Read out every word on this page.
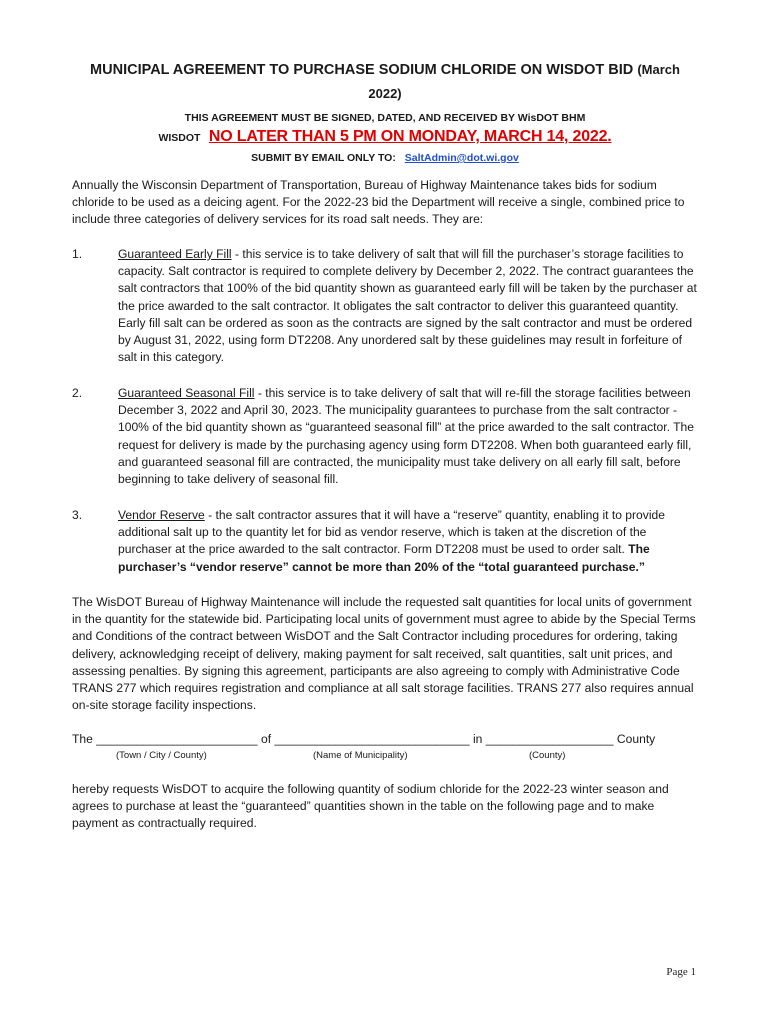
MUNICIPAL AGREEMENT TO PURCHASE SODIUM CHLORIDE ON WISDOT BID (March
2022)
THIS AGREEMENT MUST BE SIGNED, DATED, AND RECEIVED BY WisDOT BHM
WISDOT NO LATER THAN 5 PM ON MONDAY, MARCH 14, 2022.
SUBMIT BY EMAIL ONLY TO: SaltAdmin@dot.wi.gov
Annually the Wisconsin Department of Transportation, Bureau of Highway Maintenance takes bids for sodium chloride to be used as a deicing agent. For the 2022-23 bid the Department will receive a single, combined price to include three categories of delivery services for its road salt needs. They are:
1.	Guaranteed Early Fill - this service is to take delivery of salt that will fill the purchaser’s storage facilities to capacity. Salt contractor is required to complete delivery by December 2, 2022. The contract guarantees the salt contractors that 100% of the bid quantity shown as guaranteed early fill will be taken by the purchaser at the price awarded to the salt contractor. It obligates the salt contractor to deliver this guaranteed quantity. Early fill salt can be ordered as soon as the contracts are signed by the salt contractor and must be ordered by August 31, 2022, using form DT2208. Any unordered salt by these guidelines may result in forfeiture of salt in this category.
2.	Guaranteed Seasonal Fill - this service is to take delivery of salt that will re-fill the storage facilities between December 3, 2022 and April 30, 2023. The municipality guarantees to purchase from the salt contractor - 100% of the bid quantity shown as “guaranteed seasonal fill” at the price awarded to the salt contractor. The request for delivery is made by the purchasing agency using form DT2208. When both guaranteed early fill, and guaranteed seasonal fill are contracted, the municipality must take delivery on all early fill salt, before beginning to take delivery of seasonal fill.
3.	Vendor Reserve - the salt contractor assures that it will have a “reserve” quantity, enabling it to provide additional salt up to the quantity let for bid as vendor reserve, which is taken at the discretion of the purchaser at the price awarded to the salt contractor. Form DT2208 must be used to order salt. The purchaser’s “vendor reserve” cannot be more than 20% of the “total guaranteed purchase.”
The WisDOT Bureau of Highway Maintenance will include the requested salt quantities for local units of government in the quantity for the statewide bid. Participating local units of government must agree to abide by the Special Terms and Conditions of the contract between WisDOT and the Salt Contractor including procedures for ordering, taking delivery, acknowledging receipt of delivery, making payment for salt received, salt quantities, salt unit prices, and assessing penalties. By signing this agreement, participants are also agreeing to comply with Administrative Code TRANS 277 which requires registration and compliance at all salt storage facilities. TRANS 277 also requires annual on-site storage facility inspections.
The ________________________ of _____________________________ in ___________________ County
(Town / City / County)	(Name of Municipality)	(County)
hereby requests WisDOT to acquire the following quantity of sodium chloride for the 2022-23 winter season and agrees to purchase at least the “guaranteed” quantities shown in the table on the following page and to make payment as contractually required.
Page 1
